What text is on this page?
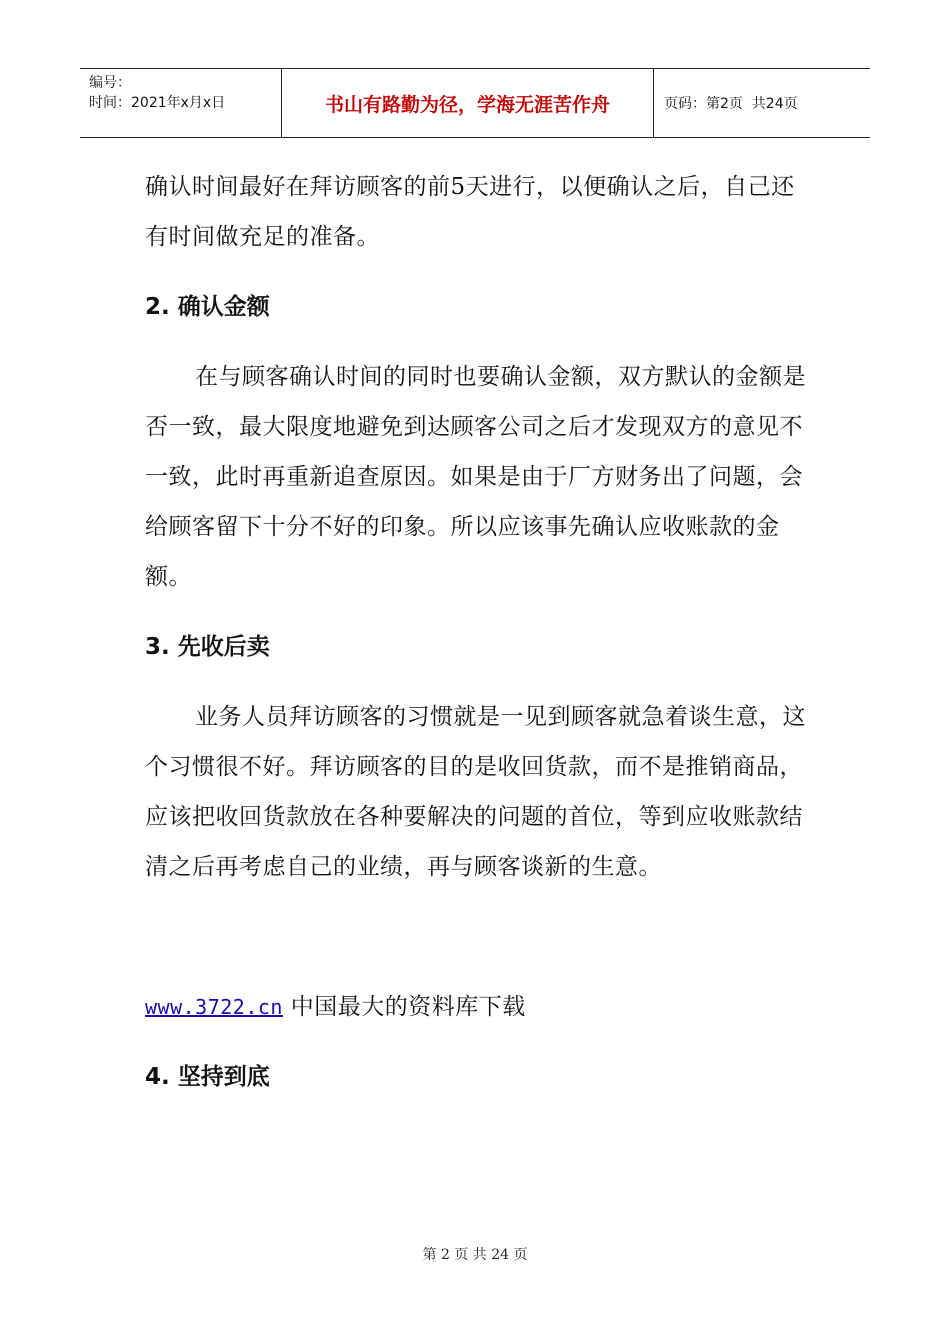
编号：
时间：2021年x月x日	书山有路勤为径，学海无涯苦作舟	页码：第2页  共24页

确认时间最好在拜访顾客的前5天进行，以便确认之后，自己还有时间做充足的准备。

2. 确认金额

在与顾客确认时间的同时也要确认金额，双方默认的金额是否一致，最大限度地避免到达顾客公司之后才发现双方的意见不一致，此时再重新追查原因。如果是由于厂方财务出了问题，会给顾客留下十分不好的印象。所以应该事先确认应收账款的金额。

3. 先收后卖

业务人员拜访顾客的习惯就是一见到顾客就急着谈生意，这个习惯很不好。拜访顾客的目的是收回货款，而不是推销商品，应该把收回货款放在各种要解决的问题的首位，等到应收账款结清之后再考虑自己的业绩，再与顾客谈新的生意。

www.3722.cn 中国最大的资料库下载

4. 坚持到底

第 2 页 共 24 页
